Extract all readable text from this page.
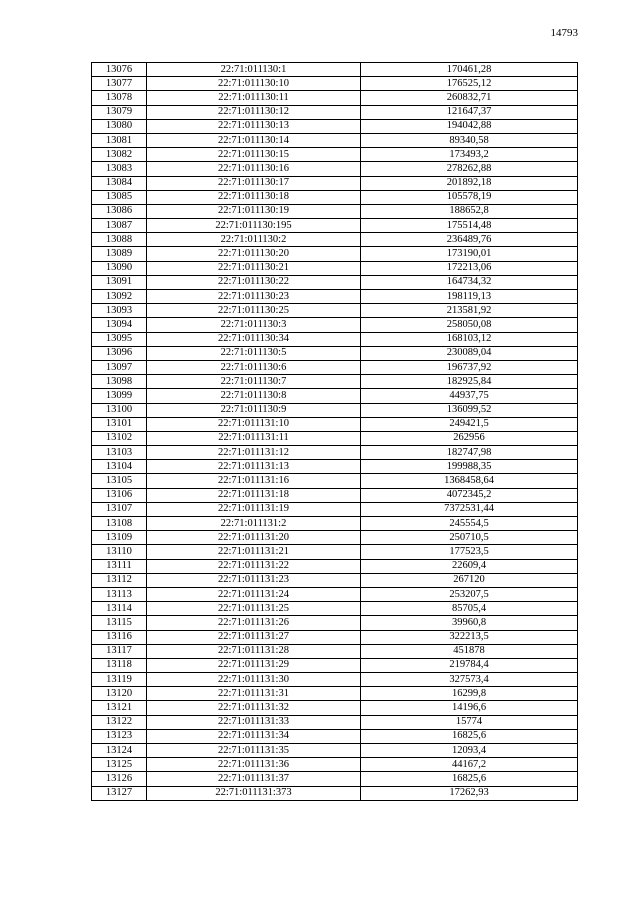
14793
13076	22:71:011130:1	170461,28
13077	22:71:011130:10	176525,12
13078	22:71:011130:11	260832,71
13079	22:71:011130:12	121647,37
13080	22:71:011130:13	194042,88
13081	22:71:011130:14	89340,58
13082	22:71:011130:15	173493,2
13083	22:71:011130:16	278262,88
13084	22:71:011130:17	201892,18
13085	22:71:011130:18	105578,19
13086	22:71:011130:19	188652,8
13087	22:71:011130:195	175514,48
13088	22:71:011130:2	236489,76
13089	22:71:011130:20	173190,01
13090	22:71:011130:21	172213,06
13091	22:71:011130:22	164734,32
13092	22:71:011130:23	198119,13
13093	22:71:011130:25	213581,92
13094	22:71:011130:3	258050,08
13095	22:71:011130:34	168103,12
13096	22:71:011130:5	230089,04
13097	22:71:011130:6	196737,92
13098	22:71:011130:7	182925,84
13099	22:71:011130:8	44937,75
13100	22:71:011130:9	136099,52
13101	22:71:011131:10	249421,5
13102	22:71:011131:11	262956
13103	22:71:011131:12	182747,98
13104	22:71:011131:13	199988,35
13105	22:71:011131:16	1368458,64
13106	22:71:011131:18	4072345,2
13107	22:71:011131:19	7372531,44
13108	22:71:011131:2	245554,5
13109	22:71:011131:20	250710,5
13110	22:71:011131:21	177523,5
13111	22:71:011131:22	22609,4
13112	22:71:011131:23	267120
13113	22:71:011131:24	253207,5
13114	22:71:011131:25	85705,4
13115	22:71:011131:26	39960,8
13116	22:71:011131:27	322213,5
13117	22:71:011131:28	451878
13118	22:71:011131:29	219784,4
13119	22:71:011131:30	327573,4
13120	22:71:011131:31	16299,8
13121	22:71:011131:32	14196,6
13122	22:71:011131:33	15774
13123	22:71:011131:34	16825,6
13124	22:71:011131:35	12093,4
13125	22:71:011131:36	44167,2
13126	22:71:011131:37	16825,6
13127	22:71:011131:373	17262,93
